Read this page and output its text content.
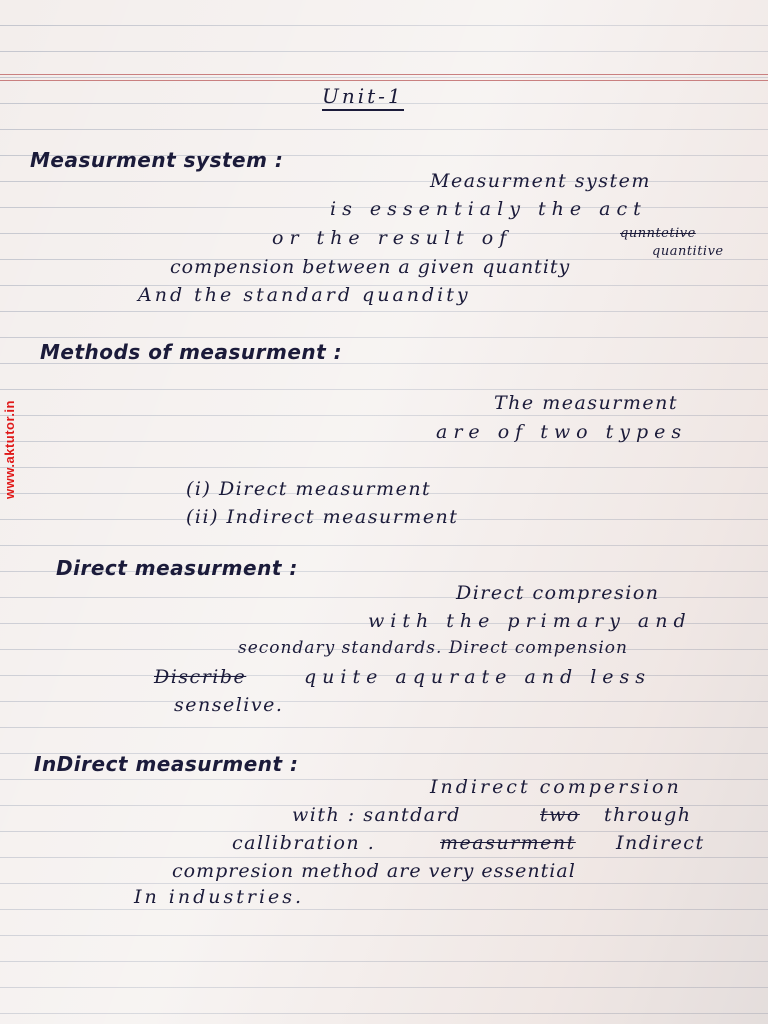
www.aktutor.in
Unit-1
Measurment system :
Measurment system
is essentialy the act
or the result of	qunntetive
quantitive
compension between a given quantity
And the standard quandity
Methods of measurment :
The measurment
are of two types
(i) Direct measurment
(ii) Indirect measurment
Direct measurment :
Direct compresion
with the primary and
secondary standards. Direct compension
Discribe	quite aqurate and less
senselive.
InDirect measurment :
Indirect compersion
with : santdard	two through
callibration .	measurment Indirect
compresion method are very essential
In industries.
